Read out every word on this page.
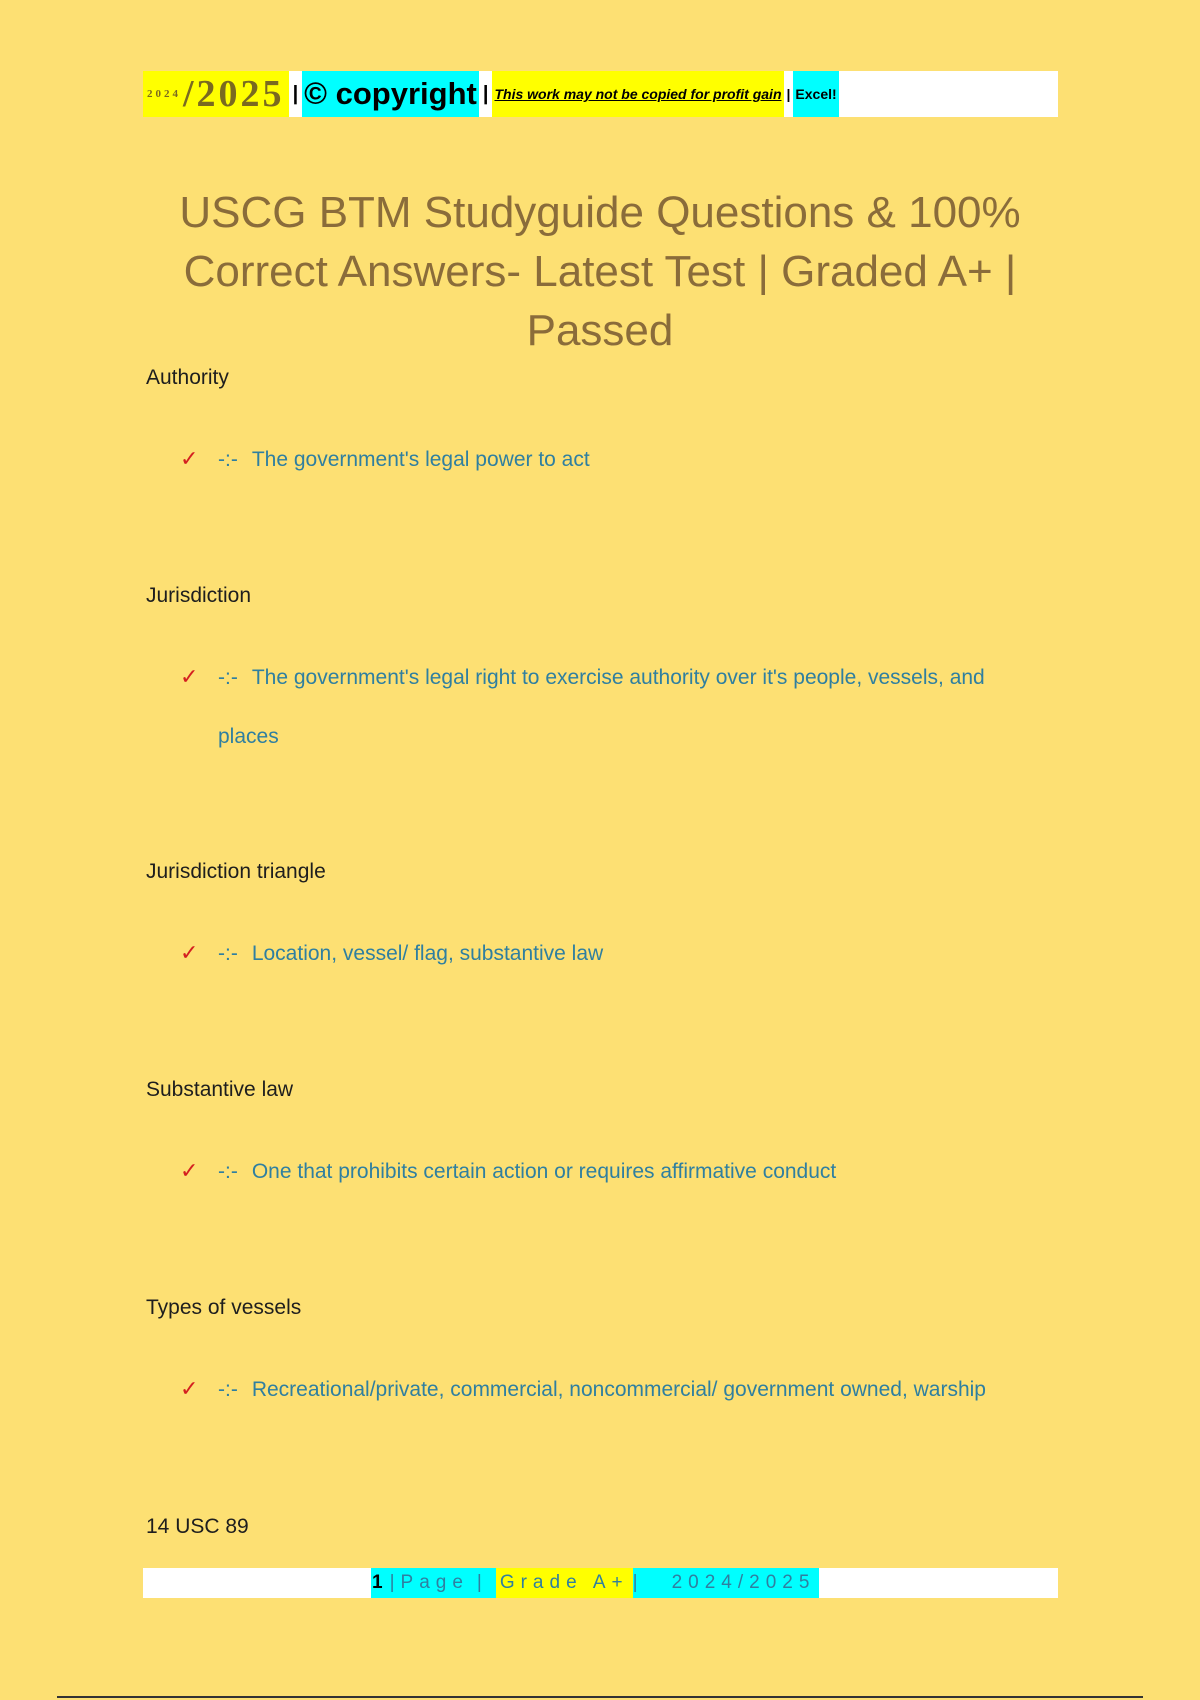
2024 /2025 | © copyright | This work may not be copied for profit gain | Excel!
USCG BTM Studyguide Questions & 100% Correct Answers- Latest Test | Graded A+ | Passed
Authority
✓ -:- The government's legal power to act
Jurisdiction
✓ -:- The government's legal right to exercise authority over it's people, vessels, and
places
Jurisdiction triangle
✓ -:- Location, vessel/ flag, substantive law
Substantive law
✓ -:- One that prohibits certain action or requires affirmative conduct
Types of vessels
✓ -:- Recreational/private, commercial, noncommercial/ government owned, warship
14 USC 89
1 | Page | Grade A+ |	2024/2025
